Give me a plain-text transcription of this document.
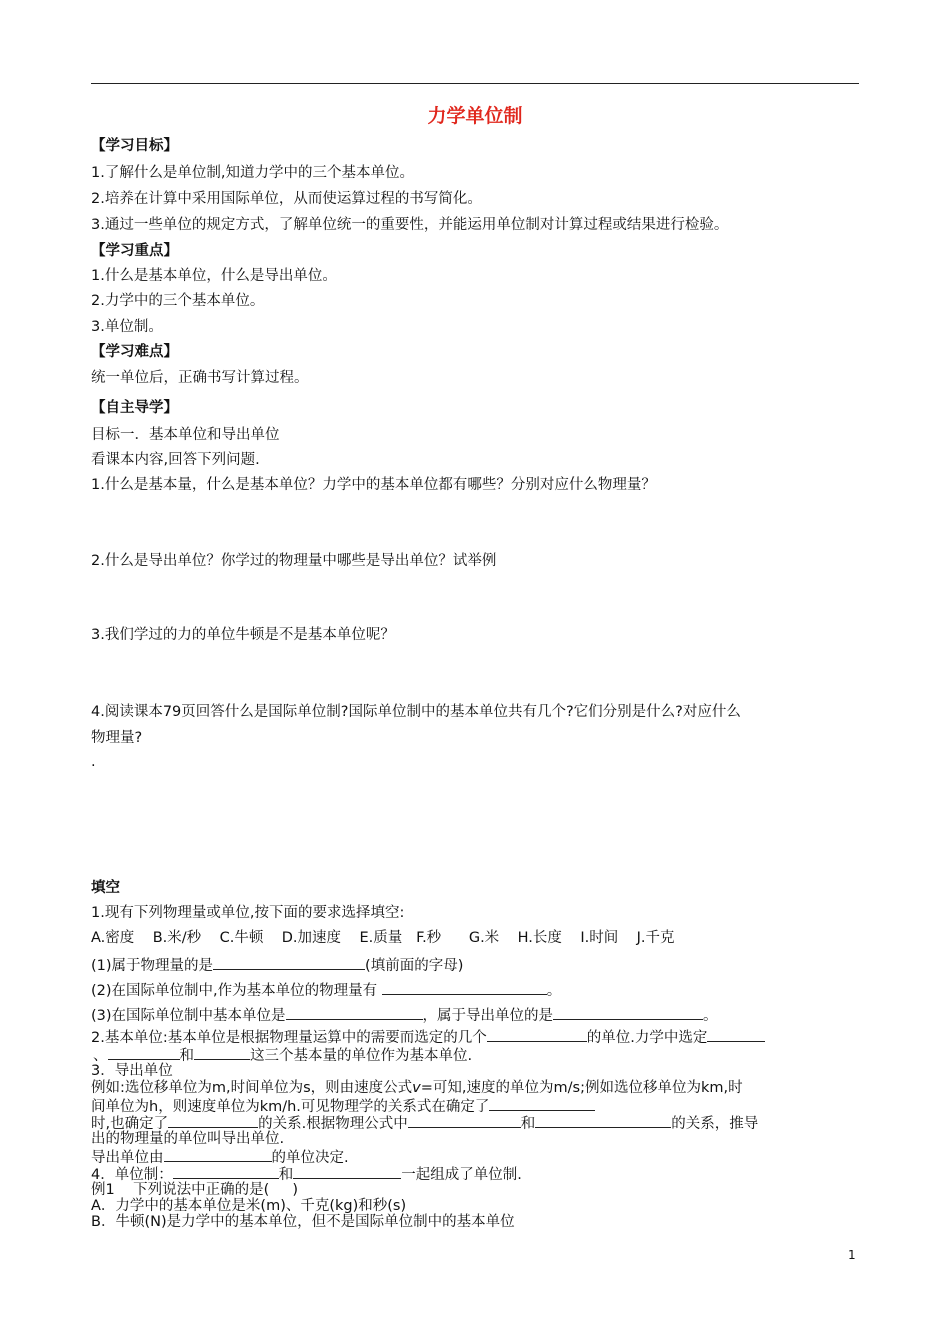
力学单位制
【学习目标】
1.了解什么是单位制,知道力学中的三个基本单位。
2.培养在计算中采用国际单位，从而使运算过程的书写简化。
3.通过一些单位的规定方式，了解单位统一的重要性，并能运用单位制对计算过程或结果进行检验。
【学习重点】
1.什么是基本单位，什么是导出单位。
2.力学中的三个基本单位。
3.单位制。
【学习难点】
统一单位后，正确书写计算过程。
【自主导学】
目标一．基本单位和导出单位
看课本内容,回答下列问题.
1.什么是基本量，什么是基本单位？力学中的基本单位都有哪些？分别对应什么物理量？
2.什么是导出单位？你学过的物理量中哪些是导出单位？试举例
3.我们学过的力的单位牛顿是不是基本单位呢？
4.阅读课本79页回答什么是国际单位制?国际单位制中的基本单位共有几个?它们分别是什么?对应什么
物理量?
.
填空
1.现有下列物理量或单位,按下面的要求选择填空:
A.密度    B.米/秒    C.牛顿    D.加速度    E.质量   F.秒      G.米    H.长度    I.时间    J.千克
(1)属于物理量的是	(填前面的字母)
(2)在国际单位制中,作为基本单位的物理量有	。
(3)在国际单位制中基本单位是	，属于导出单位的是	。
2.基本单位:基本单位是根据物理量运算中的需要而选定的几个	的单位.力学中选定
、	和	这三个基本量的单位作为基本单位.
3．导出单位
例如:选位移单位为m,时间单位为s，则由速度公式v=可知,速度的单位为m/s;例如选位移单位为km,时
间单位为h，则速度单位为km/h.可见物理学的关系式在确定了
时,也确定了	的关系.根据物理公式中	和	的关系，推导
出的物理量的单位叫导出单位.
导出单位由	的单位决定.
4．单位制：	和	一起组成了单位制.
例1    下列说法中正确的是(     )
A．力学中的基本单位是米(m)、千克(kg)和秒(s)
B．牛顿(N)是力学中的基本单位，但不是国际单位制中的基本单位
1
